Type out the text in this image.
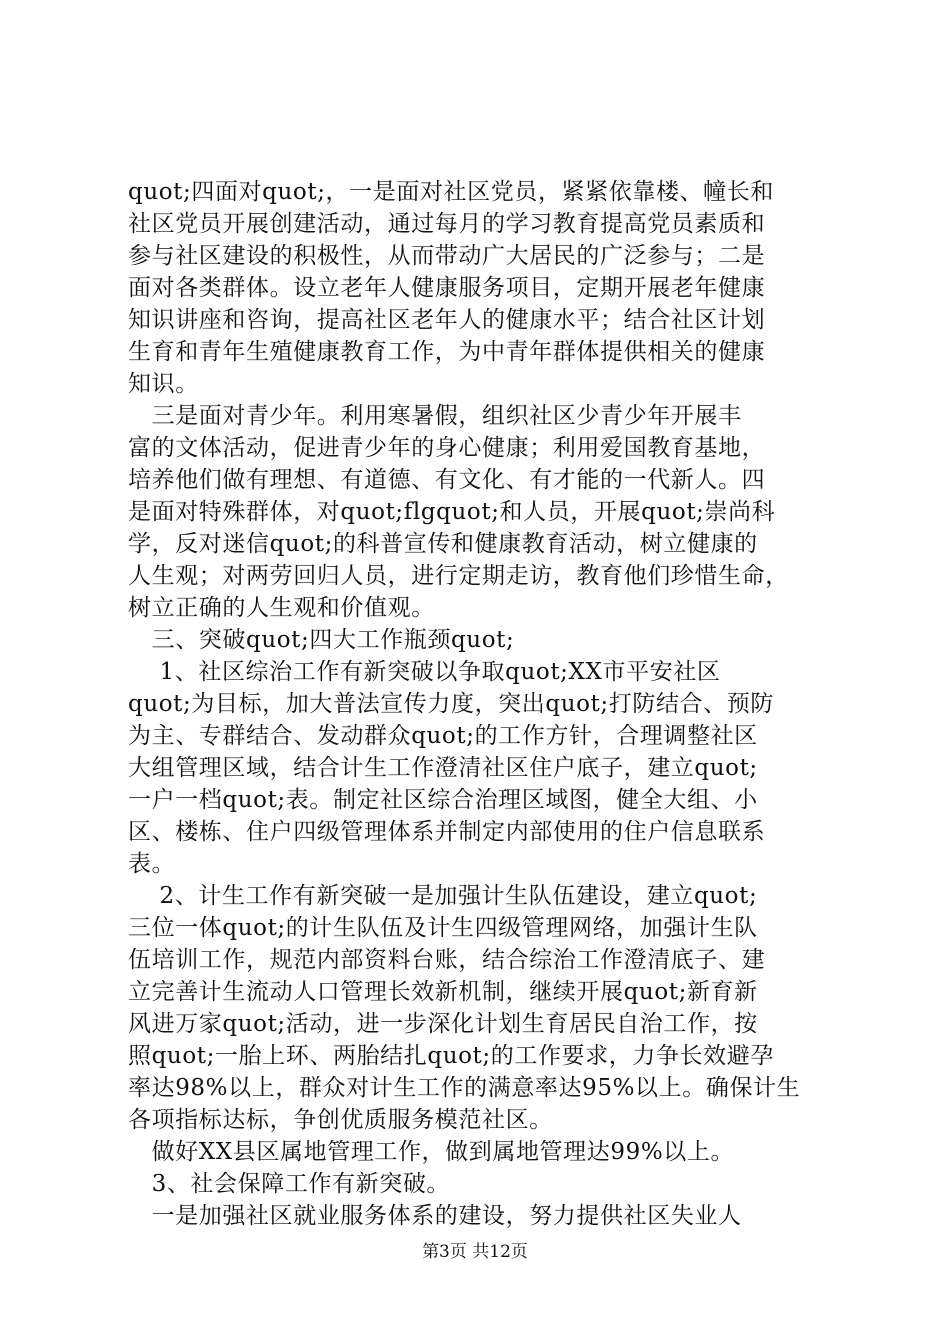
quot;四面对quot;，一是面对社区党员，紧紧依靠楼、幢长和
社区党员开展创建活动，通过每月的学习教育提高党员素质和
参与社区建设的积极性，从而带动广大居民的广泛参与；二是
面对各类群体。设立老年人健康服务项目，定期开展老年健康
知识讲座和咨询，提高社区老年人的健康水平；结合社区计划
生育和青年生殖健康教育工作，为中青年群体提供相关的健康
知识。
　三是面对青少年。利用寒暑假，组织社区少青少年开展丰
富的文体活动，促进青少年的身心健康；利用爱国教育基地，
培养他们做有理想、有道德、有文化、有才能的一代新人。四
是面对特殊群体，对quot;flgquot;和人员，开展quot;崇尚科
学，反对迷信quot;的科普宣传和健康教育活动，树立健康的
人生观；对两劳回归人员，进行定期走访，教育他们珍惜生命，
树立正确的人生观和价值观。
　三、突破quot;四大工作瓶颈quot;
　 1、社区综治工作有新突破以争取quot;XX市平安社区
quot;为目标，加大普法宣传力度，突出quot;打防结合、预防
为主、专群结合、发动群众quot;的工作方针，合理调整社区
大组管理区域，结合计生工作澄清社区住户底子，建立quot;
一户一档quot;表。制定社区综合治理区域图，健全大组、小
区、楼栋、住户四级管理体系并制定内部使用的住户信息联系
表。
　 2、计生工作有新突破一是加强计生队伍建设，建立quot;
三位一体quot;的计生队伍及计生四级管理网络，加强计生队
伍培训工作，规范内部资料台账，结合综治工作澄清底子、建
立完善计生流动人口管理长效新机制，继续开展quot;新育新
风进万家quot;活动，进一步深化计划生育居民自治工作，按
照quot;一胎上环、两胎结扎quot;的工作要求，力争长效避孕
率达98%以上，群众对计生工作的满意率达95%以上。确保计生
各项指标达标，争创优质服务模范社区。
　做好XX县区属地管理工作，做到属地管理达99%以上。
　3、社会保障工作有新突破。
　一是加强社区就业服务体系的建设，努力提供社区失业人
第3页 共12页
